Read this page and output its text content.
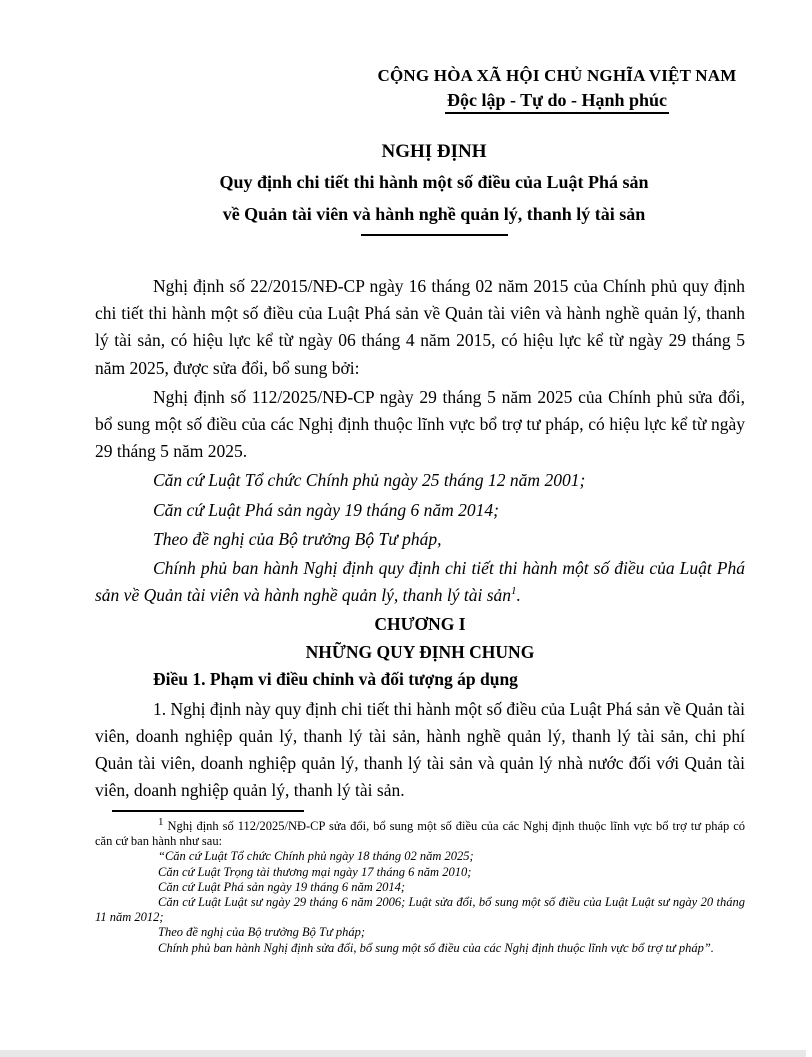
CỘNG HÒA XÃ HỘI CHỦ NGHĨA VIỆT NAM
Độc lập - Tự do - Hạnh phúc
NGHỊ ĐỊNH
Quy định chi tiết thi hành một số điều của Luật Phá sản
về Quản tài viên và hành nghề quản lý, thanh lý tài sản

Nghị định số 22/2015/NĐ-CP ngày 16 tháng 02 năm 2015 của Chính phủ quy định chi tiết thi hành một số điều của Luật Phá sản về Quản tài viên và hành nghề quản lý, thanh lý tài sản, có hiệu lực kể từ ngày 06 tháng 4 năm 2015, có hiệu lực kể từ ngày 29 tháng 5 năm 2025, được sửa đổi, bổ sung bởi:

Nghị định số 112/2025/NĐ-CP ngày 29 tháng 5 năm 2025 của Chính phủ sửa đổi, bổ sung một số điều của các Nghị định thuộc lĩnh vực bổ trợ tư pháp, có hiệu lực kể từ ngày 29 tháng 5 năm 2025.

Căn cứ Luật Tổ chức Chính phủ ngày 25 tháng 12 năm 2001;

Căn cứ Luật Phá sản ngày 19 tháng 6 năm 2014;

Theo đề nghị của Bộ trưởng Bộ Tư pháp,

Chính phủ ban hành Nghị định quy định chi tiết thi hành một số điều của Luật Phá sản về Quản tài viên và hành nghề quản lý, thanh lý tài sản$^1$.

CHƯƠNG I
NHỮNG QUY ĐỊNH CHUNG

Điều 1. Phạm vi điều chỉnh và đối tượng áp dụng

1. Nghị định này quy định chi tiết thi hành một số điều của Luật Phá sản về Quản tài viên, doanh nghiệp quản lý, thanh lý tài sản, hành nghề quản lý, thanh lý tài sản, chi phí Quản tài viên, doanh nghiệp quản lý, thanh lý tài sản và quản lý nhà nước đối với Quản tài viên, doanh nghiệp quản lý, thanh lý tài sản.

$^1$ Nghị định số 112/2025/NĐ-CP sửa đổi, bổ sung một số điều của các Nghị định thuộc lĩnh vực bổ trợ tư pháp có căn cứ ban hành như sau:

“Căn cứ Luật Tổ chức Chính phủ ngày 18 tháng 02 năm 2025;

Căn cứ Luật Trọng tài thương mại ngày 17 tháng 6 năm 2010;

Căn cứ Luật Phá sản ngày 19 tháng 6 năm 2014;

Căn cứ Luật Luật sư ngày 29 tháng 6 năm 2006; Luật sửa đổi, bổ sung một số điều của Luật Luật sư ngày 20 tháng 11 năm 2012;

Theo đề nghị của Bộ trưởng Bộ Tư pháp;

Chính phủ ban hành Nghị định sửa đổi, bổ sung một số điều của các Nghị định thuộc lĩnh vực bổ trợ tư pháp”.
